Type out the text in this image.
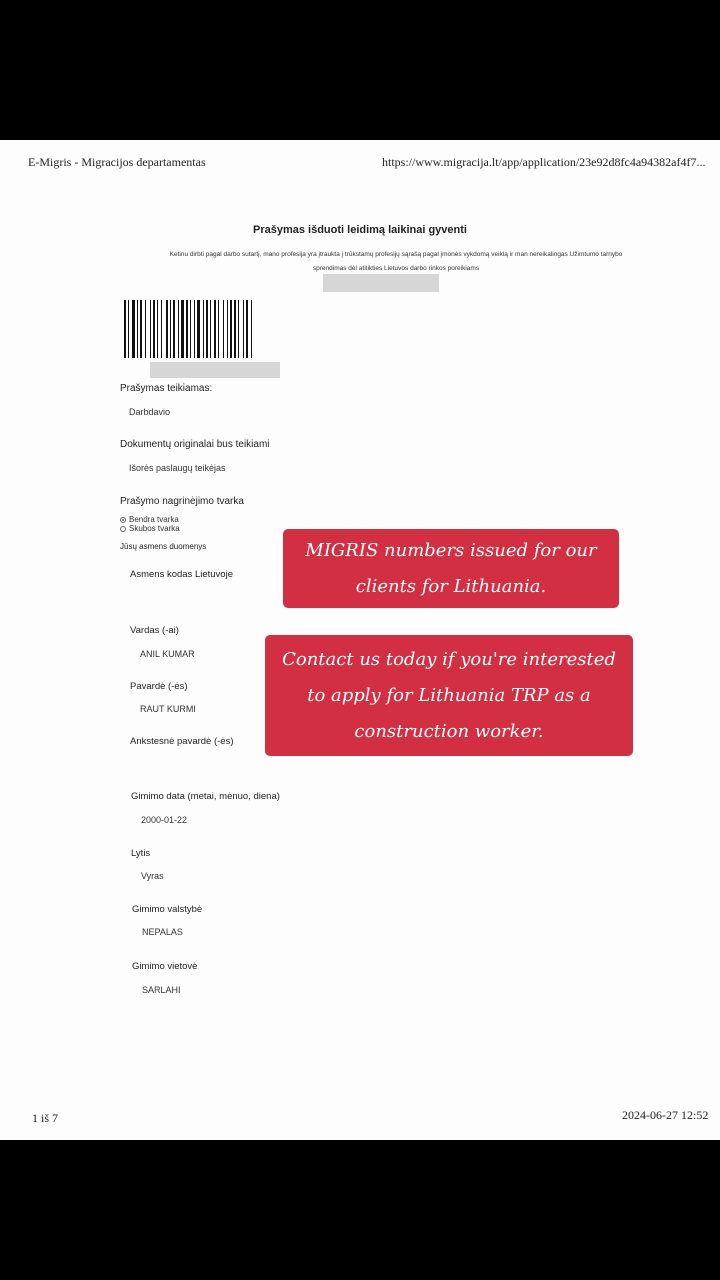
E-Migris - Migracijos departamentas	https://www.migracija.lt/app/application/23e92d8fc4a94382af4f7...
Prašymas išduoti leidimą laikinai gyventi
Ketinu dirbti pagal darbo sutartį, mano profesija yra įtraukta į trūkstamų profesijų sąrašą pagal įmonės vykdomą veiklą ir man nereikalingas Užimtumo tarnybo
sprendimas dėl atitikties Lietuvos darbo rinkos poreikiams
Prašymas teikiamas:
Darbdavio
Dokumentų originalai bus teikiami
Išorės paslaugų teikėjas
Prašymo nagrinėjimo tvarka
Bendra tvarka
Skubos tvarka
Jūsų asmens duomenys
Asmens kodas Lietuvoje
Vardas (-ai)
ANIL KUMAR
Pavardė (-ės)
RAUT KURMI
Ankstesnė pavardė (-ės)
Gimimo data (metai, mėnuo, diena)
2000-01-22
Lytis
Vyras
Gimimo valstybė
NEPALAS
Gimimo vietovė
SARLAHI
1 iš 7	2024-06-27 12:52
MIGRIS numbers issued for our
clients for Lithuania.
Contact us today if you're interested
to apply for Lithuania TRP as a
construction worker.
